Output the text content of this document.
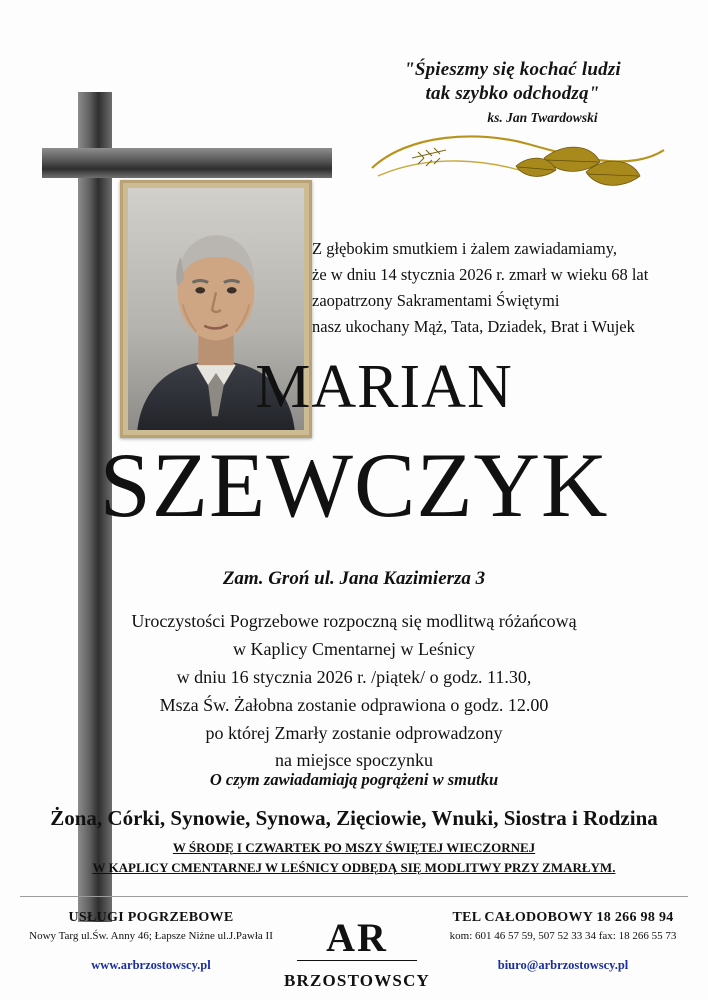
"Śpieszmy się kochać ludzi
tak szybko odchodzą"
ks. Jan Twardowski
Z głębokim smutkiem i żalem zawiadamiamy,
że w dniu 14 stycznia 2026 r. zmarł w wieku 68 lat
zaopatrzony Sakramentami Świętymi
nasz ukochany Mąż, Tata, Dziadek, Brat i Wujek
MARIAN
SZEWCZYK
Zam. Groń ul. Jana Kazimierza 3
Uroczystości Pogrzebowe rozpoczną się modlitwą różańcową
w Kaplicy Cmentarnej w Leśnicy
w dniu 16 stycznia 2026 r. /piątek/ o godz. 11.30,
Msza Św. Żałobna zostanie odprawiona o godz. 12.00
po której Zmarły zostanie odprowadzony
na miejsce spoczynku
O czym zawiadamiają pogrążeni w smutku
Żona, Córki, Synowie, Synowa, Zięciowie, Wnuki, Siostra i Rodzina
W ŚRODĘ I CZWARTEK PO MSZY ŚWIĘTEJ WIECZORNEJ
W KAPLICY CMENTARNEJ W LEŚNICY ODBĘDĄ SIĘ MODLITWY PRZY ZMARŁYM.
USŁUGI POGRZEBOWE
Nowy Targ ul.Św. Anny 46; Łapsze Niżne ul.J.Pawła II
www.arbrzostowscy.pl
AR
BRZOSTOWSCY
TEL CAŁODOBOWY 18 266 98 94
kom: 601 46 57 59, 507 52 33 34 fax: 18 266 55 73
biuro@arbrzostowscy.pl
